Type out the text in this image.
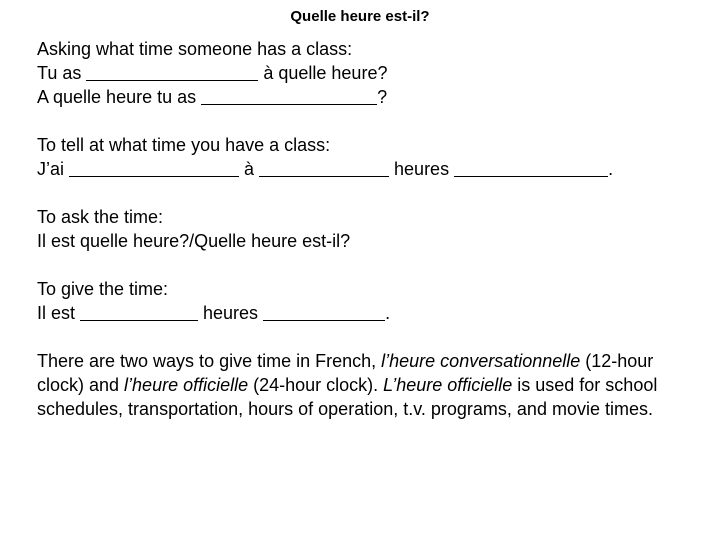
Quelle heure est-il?
Asking what time someone has a class:
Tu as	à quelle heure?
A quelle heure tu as	?
To tell at what time you have a class:
J’ai	à	heures	.
To ask the time:
Il est quelle heure?/Quelle heure est-il?
To give the time:
Il est	heures	.
There are two ways to give time in French, l’heure conversationnelle (12-hour clock) and l’heure officielle (24-hour clock). L’heure officielle is used for school schedules, transportation, hours of operation, t.v. programs, and movie times.
